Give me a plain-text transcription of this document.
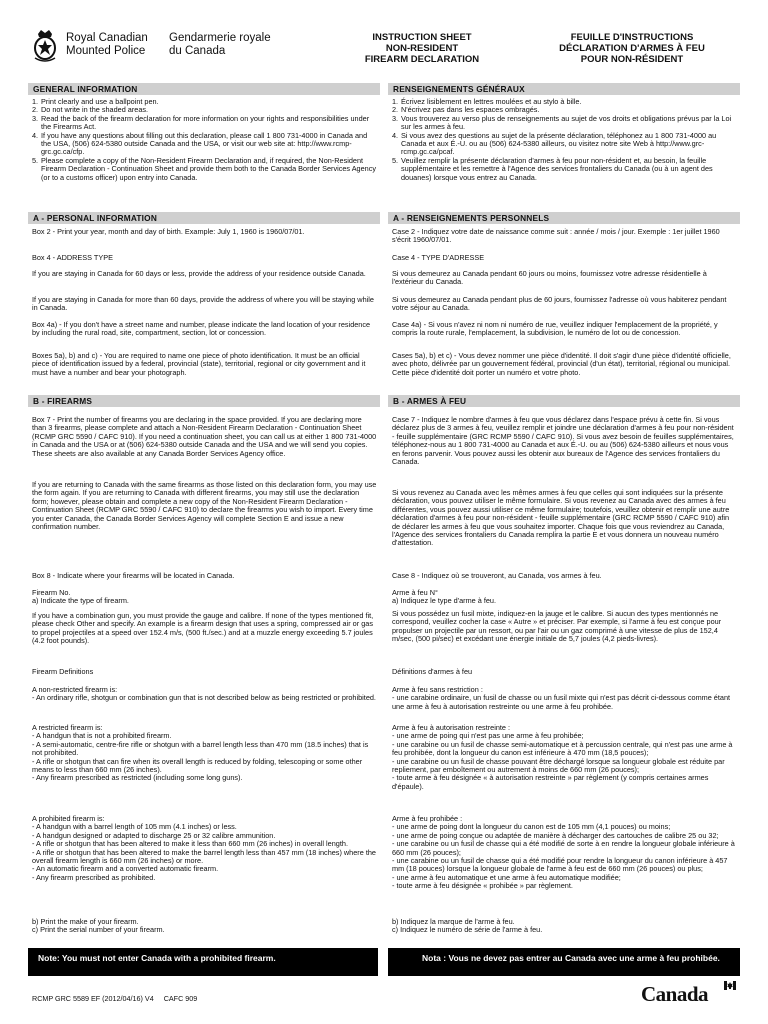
Royal Canadian
Mounted Police
Gendarmerie royale
du Canada
INSTRUCTION SHEET
NON-RESIDENT
FIREARM DECLARATION
FEUILLE D'INSTRUCTIONS
DÉCLARATION D'ARMES À FEU
POUR NON-RÉSIDENT
GENERAL INFORMATION	RENSEIGNEMENTS GÉNÉRAUX
1. Print clearly and use a ballpoint pen.
2. Do not write in the shaded areas.
3. Read the back of the firearm declaration for more information on your rights and responsibilities under the Firearms Act.
4. If you have any questions about filling out this declaration, please call 1 800 731-4000 in Canada and the USA, (506) 624-5380 outside Canada and the USA, or visit our web site at: http://www.rcmp-grc.gc.ca/cfp.
5. Please complete a copy of the Non-Resident Firearm Declaration and, if required, the Non-Resident Firearm Declaration - Continuation Sheet and provide them both to the Canada Border Services Agency (or to a customs officer) upon entry into Canada.
1. Écrivez lisiblement en lettres moulées et au stylo à bille.
2. N'écrivez pas dans les espaces ombragés.
3. Vous trouverez au verso plus de renseignements au sujet de vos droits et obligations prévus par la Loi sur les armes à feu.
4. Si vous avez des questions au sujet de la présente déclaration, téléphonez au 1 800 731-4000 au Canada et aux É.-U. ou au (506) 624-5380 ailleurs, ou visitez notre site Web à http://www.grc-rcmp.gc.ca/pcaf.
5. Veuillez remplir la présente déclaration d'armes à feu pour non-résident et, au besoin, la feuille supplémentaire et les remettre à l'Agence des services frontaliers du Canada (ou à un agent des douanes) lorsque vous entrez au Canada.
A - PERSONAL INFORMATION	A - RENSEIGNEMENTS PERSONNELS

Box 2 - Print your year, month and day of birth. Example: July 1, 1960 is 1960/07/01.

Box 4 - ADDRESS TYPE

If you are staying in Canada for 60 days or less, provide the address of your residence outside Canada.

If you are staying in Canada for more than 60 days, provide the address of where you will be staying while in Canada.

Box 4a) - If you don't have a street name and number, please indicate the land location of your residence by including the rural road, site, compartment, section, lot or concession.

Boxes 5a), b) and c) - You are required to name one piece of photo identification. It must be an official piece of identification issued by a federal, provincial (state), territorial, regional or city government and it must have a number and bear your photograph.

Case 2 - Indiquez votre date de naissance comme suit : année / mois / jour. Exemple : 1er juillet 1960 s'écrit 1960/07/01.

Case 4 - TYPE D'ADRESSE

Si vous demeurez au Canada pendant 60 jours ou moins, fournissez votre adresse résidentielle à l'extérieur du Canada.

Si vous demeurez au Canada pendant plus de 60 jours, fournissez l'adresse où vous habiterez pendant votre séjour au Canada.

Case 4a) - Si vous n'avez ni nom ni numéro de rue, veuillez indiquer l'emplacement de la propriété, y compris la route rurale, l'emplacement, la subdivision, le numéro de lot ou de concession.

Cases 5a), b) et c) - Vous devez nommer une pièce d'identité. Il doit s'agir d'une pièce d'identité officielle, avec photo, délivrée par un gouvernement fédéral, provincial (d'un état), territorial, régional ou municipal. Cette pièce d'identité doit porter un numéro et votre photo.

B - FIREARMS	B - ARMES À FEU

Box 7 - Print the number of firearms you are declaring in the space provided. If you are declaring more than 3 firearms, please complete and attach a Non-Resident Firearm Declaration - Continuation Sheet (RCMP GRC 5590 / CAFC 910). If you need a continuation sheet, you can call us at either 1 800 731-4000 in Canada and the USA or at (506) 624-5380 outside Canada and the USA and we will send you copies. These sheets are also available at any Canada Border Services Agency office.

If you are returning to Canada with the same firearms as those listed on this declaration form, you may use the form again. If you are returning to Canada with different firearms, you may still use the declaration form; however, please obtain and complete a new copy of the Non-Resident Firearm Declaration - Continuation Sheet (RCMP GRC 5590 / CAFC 910) to declare the firearms you wish to import. Every time you enter Canada, the Canada Border Services Agency will complete Section E and issue a new confirmation number.

Box 8 - Indicate where your firearms will be located in Canada.

Firearm No.
a) Indicate the type of firearm.

If you have a combination gun, you must provide the gauge and calibre. If none of the types mentioned fit, please check Other and specify. An example is a firearm design that uses a spring, compressed air or gas to propel projectiles at a speed over 152.4 m/s, (500 ft./sec.) and at a muzzle energy exceeding 5.7 joules (4.2 foot pounds).

Firearm Definitions

A non-restricted firearm is:
- An ordinary rifle, shotgun or combination gun that is not described below as being restricted or prohibited.

A restricted firearm is:
- A handgun that is not a prohibited firearm.
- A semi-automatic, centre-fire rifle or shotgun with a barrel length less than 470 mm (18.5 inches) that is not prohibited.
- A rifle or shotgun that can fire when its overall length is reduced by folding, telescoping or some other means to less than 660 mm (26 inches).
- Any firearm prescribed as restricted (including some long guns).

A prohibited firearm is:
- A handgun with a barrel length of 105 mm (4.1 inches) or less.
- A handgun designed or adapted to discharge 25 or 32 calibre ammunition.
- A rifle or shotgun that has been altered to make it less than 660 mm (26 inches) in overall length.
- A rifle or shotgun that has been altered to make the barrel length less than 457 mm (18 inches) where the overall firearm length is 660 mm (26 inches) or more.
- An automatic firearm and a converted automatic firearm.
- Any firearm prescribed as prohibited.

b) Print the make of your firearm.
c) Print the serial number of your firearm.

Case 7 - Indiquez le nombre d'armes à feu que vous déclarez dans l'espace prévu à cette fin. Si vous déclarez plus de 3 armes à feu, veuillez remplir et joindre une déclaration d'armes à feu pour non-résident - feuille supplémentaire (GRC RCMP 5590 / CAFC 910). Si vous avez besoin de feuilles supplémentaires, téléphonez-nous au 1 800 731-4000 au Canada et aux É.-U. ou au (506) 624-5380 ailleurs et nous vous en ferons parvenir. Vous pouvez aussi les obtenir aux bureaux de l'Agence des services frontaliers du Canada.

Si vous revenez au Canada avec les mêmes armes à feu que celles qui sont indiquées sur la présente déclaration, vous pouvez utiliser le même formulaire. Si vous revenez au Canada avec des armes à feu différentes, vous pouvez aussi utiliser ce même formulaire; toutefois, veuillez obtenir et remplir une autre déclaration d'armes à feu pour non-résident - feuille supplémentaire (GRC RCMP 5590 / CAFC 910) afin de déclarer les armes à feu que vous souhaitez importer. Chaque fois que vous reviendrez au Canada, l'Agence des services frontaliers du Canada remplira la partie E et vous donnera un nouveau numéro d'attestation.

Case 8 - Indiquez où se trouveront, au Canada, vos armes à feu.

Arme à feu N°
a) Indiquez le type d'arme à feu.

Si vous possédez un fusil mixte, indiquez-en la jauge et le calibre. Si aucun des types mentionnés ne correspond, veuillez cocher la case « Autre » et préciser. Par exemple, si l'arme à feu est conçue pour propulser un projectile par un ressort, ou par l'air ou un gaz comprimé à une vitesse de plus de 152,4 m/sec, (500 pi/sec) et excédant une énergie initiale de 5,7 joules (4,2 pieds-livres).

Définitions d'armes à feu

Arme à feu sans restriction :
- une carabine ordinaire, un fusil de chasse ou un fusil mixte qui n'est pas décrit ci-dessous comme étant une arme à feu à autorisation restreinte ou une arme à feu prohibée.

Arme à feu à autorisation restreinte :
- une arme de poing qui n'est pas une arme à feu prohibée;
- une carabine ou un fusil de chasse semi-automatique et à percussion centrale, qui n'est pas une arme à feu prohibée, dont la longueur du canon est inférieure à 470 mm (18,5 pouces);
- une carabine ou un fusil de chasse pouvant être déchargé lorsque sa longueur globale est réduite par repliement, par emboîtement ou autrement à moins de 660 mm (26 pouces);
- toute arme à feu désignée « à autorisation restreinte » par règlement (y compris certaines armes d'épaule).

Arme à feu prohibée :
- une arme de poing dont la longueur du canon est de 105 mm (4,1 pouces) ou moins;
- une arme de poing conçue ou adaptée de manière à décharger des cartouches de calibre 25 ou 32;
- une carabine ou un fusil de chasse qui a été modifié de sorte à en rendre la longueur globale inférieure à 660 mm (26 pouces);
- une carabine ou un fusil de chasse qui a été modifié pour rendre la longueur du canon inférieure à 457 mm (18 pouces) lorsque la longueur globale de l'arme à feu est de 660 mm (26 pouces) ou plus;
- une arme à feu automatique et une arme à feu automatique modifiée;
- toute arme à feu désignée « prohibée » par règlement.

b) Indiquez la marque de l'arme à feu.
c) Indiquez le numéro de série de l'arme à feu.

Note: You must not enter Canada with a prohibited firearm.	Nota : Vous ne devez pas entrer au Canada avec une arme à feu prohibée.
RCMP GRC 5589 EF (2012/04/16) V4     CAFC 909	Canada
